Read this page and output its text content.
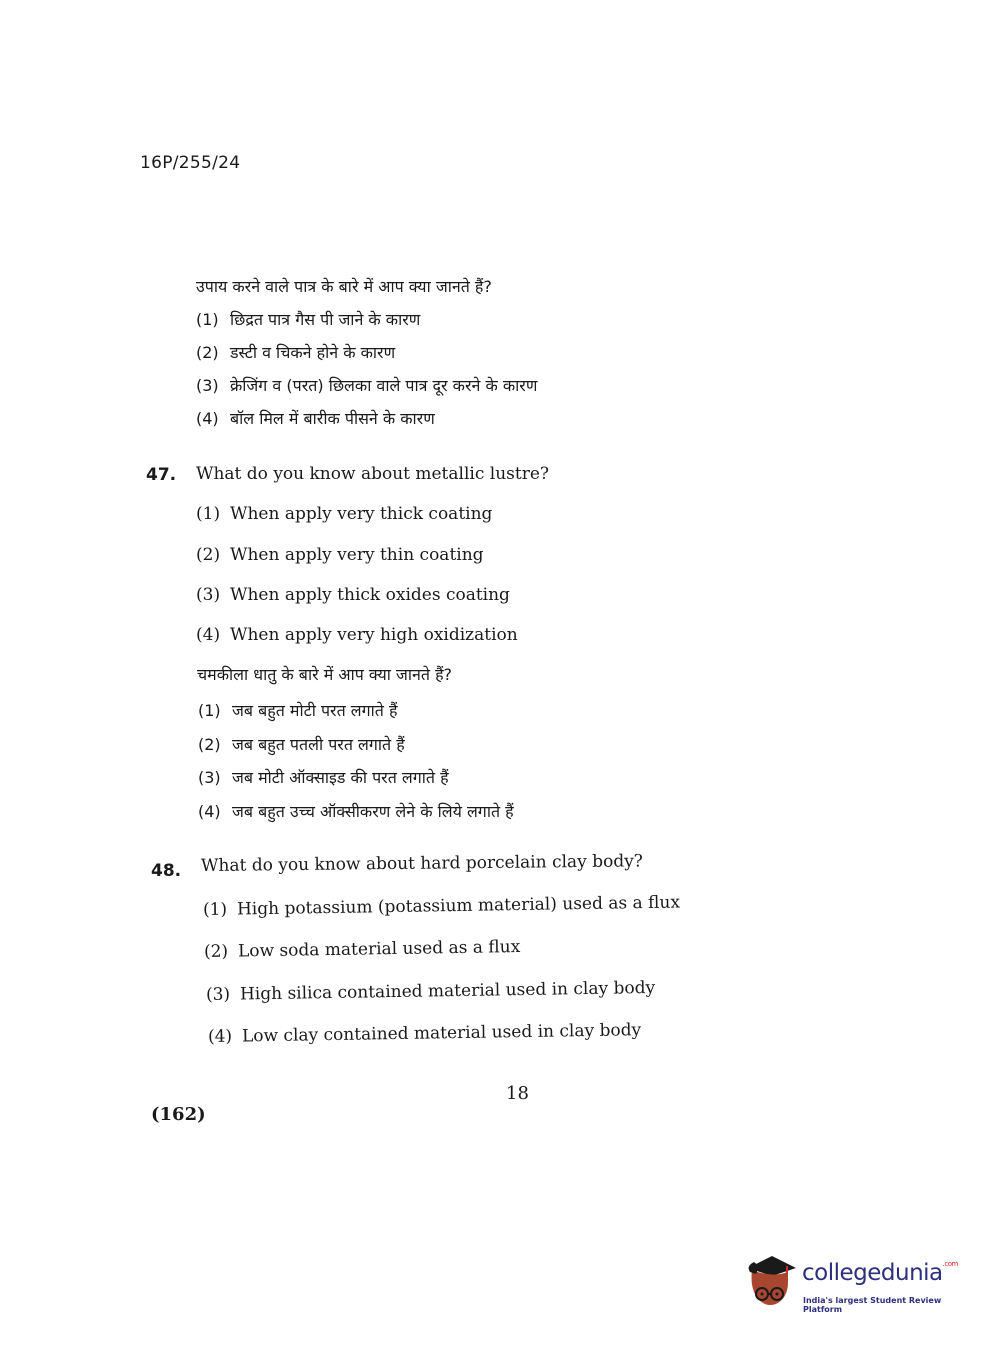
16P/255/24
उपाय करने वाले पात्र के बारे में आप क्या जानते हैं?
(1) छिद्रत पात्र गैस पी जाने के कारण
(2) डस्टी व चिकने होने के कारण
(3) क्रेजिंग व (परत) छिलका वाले पात्र दूर करने के कारण
(4) बॉल मिल में बारीक पीसने के कारण
47. What do you know about metallic lustre?
(1) When apply very thick coating
(2) When apply very thin coating
(3) When apply thick oxides coating
(4) When apply very high oxidization
चमकीला धातु के बारे में आप क्या जानते हैं?
(1) जब बहुत मोटी परत लगाते हैं
(2) जब बहुत पतली परत लगाते हैं
(3) जब मोटी ऑक्साइड की परत लगाते हैं
(4) जब बहुत उच्च ऑक्सीकरण लेने के लिये लगाते हैं
48. What do you know about hard porcelain clay body?
(1) High potassium (potassium material) used as a flux
(2) Low soda material used as a flux
(3) High silica contained material used in clay body
(4) Low clay contained material used in clay body
18
(162)
collegedunia$^{.com}$
India's largest Student Review Platform
